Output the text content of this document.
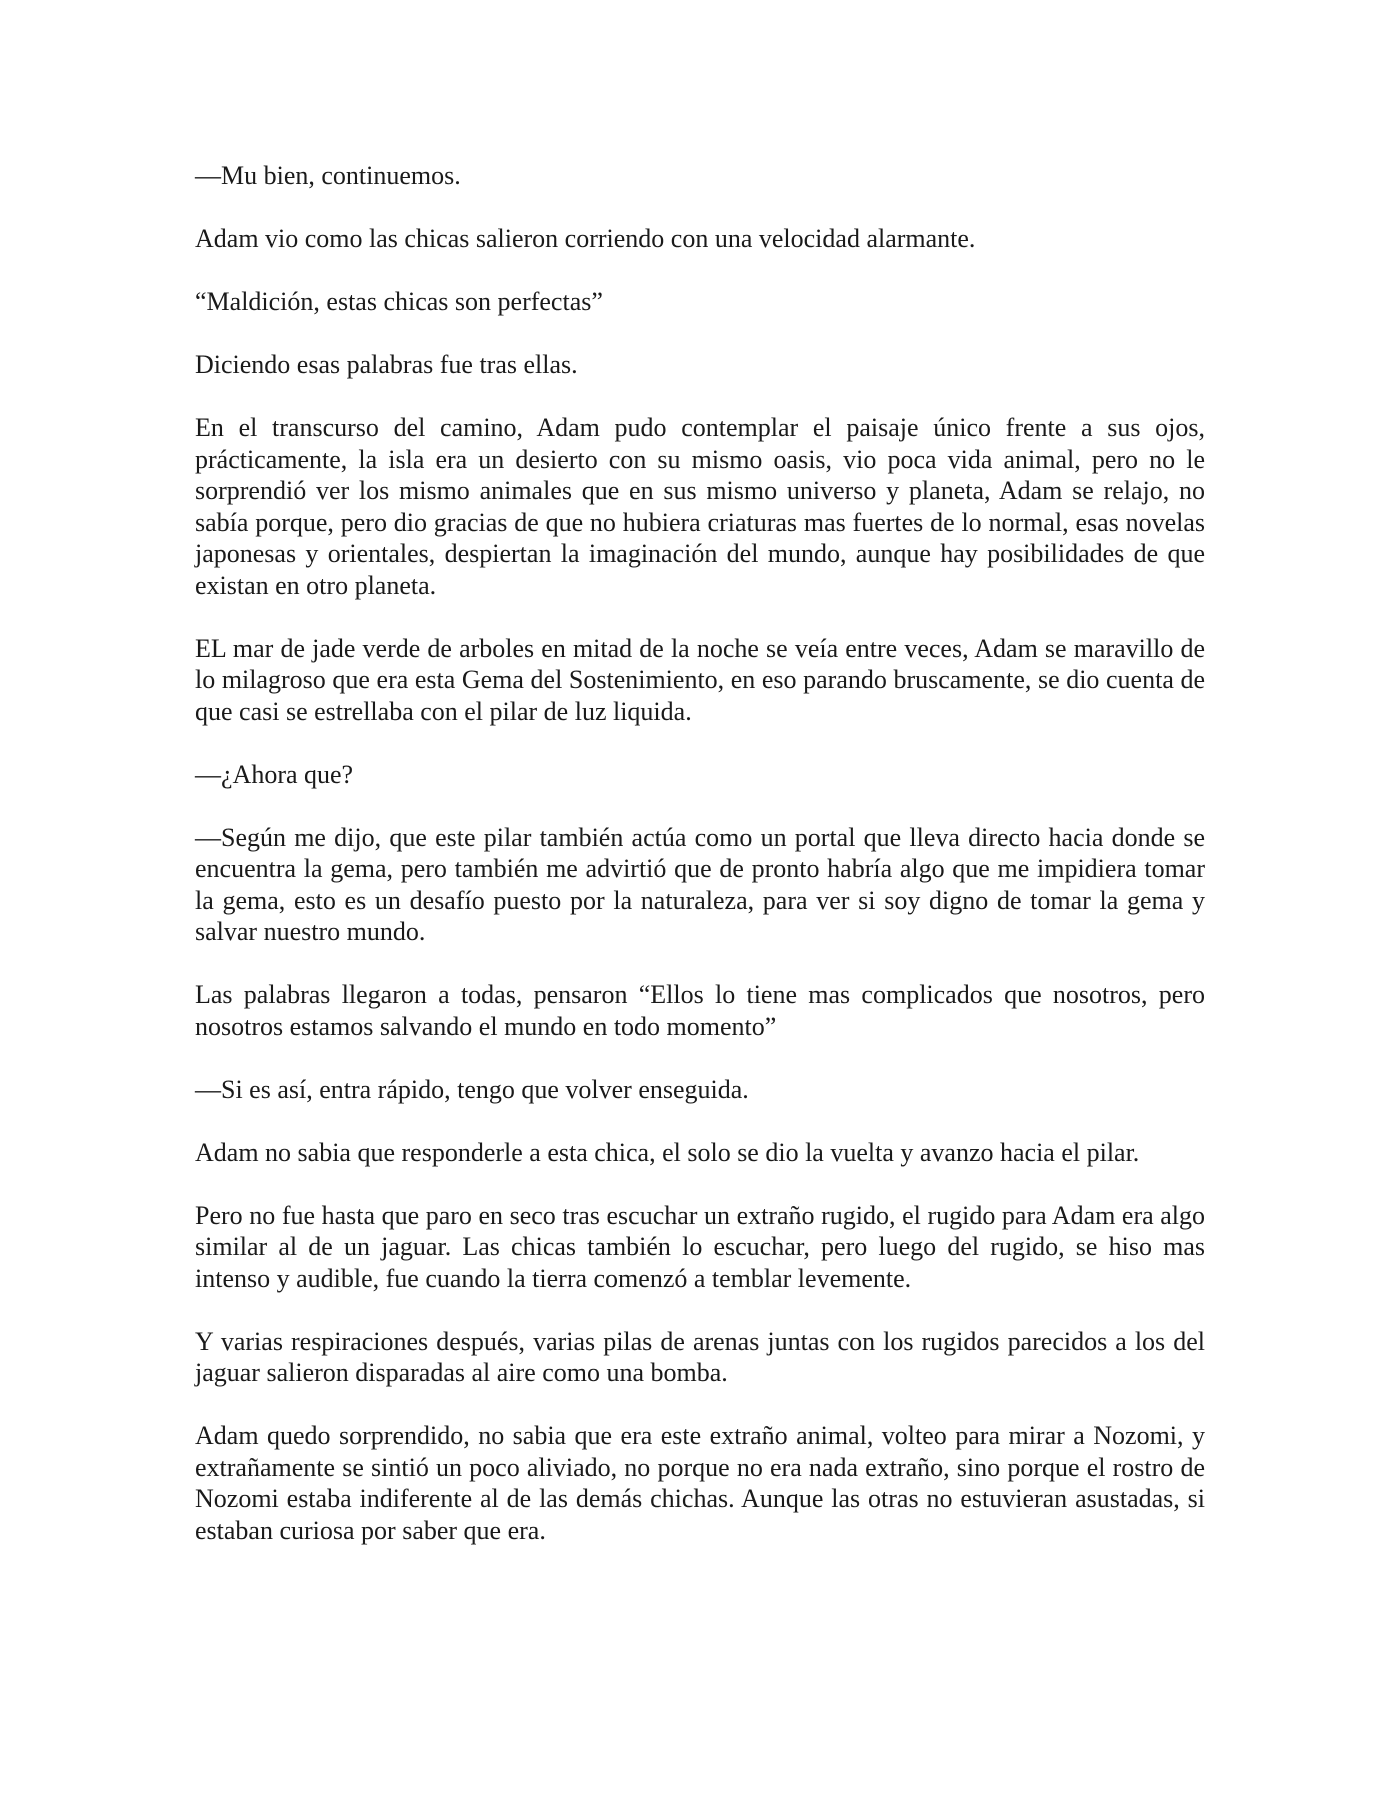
—Mu bien, continuemos.

Adam vio como las chicas salieron corriendo con una velocidad alarmante.

“Maldición, estas chicas son perfectas”

Diciendo esas palabras fue tras ellas.

En el transcurso del camino, Adam pudo contemplar el paisaje único frente a sus ojos, prácticamente, la isla era un desierto con su mismo oasis, vio poca vida animal, pero no le sorprendió ver los mismo animales que en sus mismo universo y planeta, Adam se relajo, no sabía porque, pero dio gracias de que no hubiera criaturas mas fuertes de lo normal, esas novelas japonesas y orientales, despiertan la imaginación del mundo, aunque hay posibilidades de que existan en otro planeta.

EL mar de jade verde de arboles en mitad de la noche se veía entre veces, Adam se maravillo de lo milagroso que era esta Gema del Sostenimiento, en eso parando bruscamente, se dio cuenta de que casi se estrellaba con el pilar de luz liquida.

—¿Ahora que?

—Según me dijo, que este pilar también actúa como un portal que lleva directo hacia donde se encuentra la gema, pero también me advirtió que de pronto habría algo que me impidiera tomar la gema, esto es un desafío puesto por la naturaleza, para ver si soy digno de tomar la gema y salvar nuestro mundo.

Las palabras llegaron a todas, pensaron “Ellos lo tiene mas complicados que nosotros, pero nosotros estamos salvando el mundo en todo momento”

—Si es así, entra rápido, tengo que volver enseguida.

Adam no sabia que responderle a esta chica, el solo se dio la vuelta y avanzo hacia el pilar.

Pero no fue hasta que paro en seco tras escuchar un extraño rugido, el rugido para Adam era algo similar al de un jaguar. Las chicas también lo escuchar, pero luego del rugido, se hiso mas intenso y audible, fue cuando la tierra comenzó a temblar levemente.

Y varias respiraciones después, varias pilas de arenas juntas con los rugidos parecidos a los del jaguar salieron disparadas al aire como una bomba.

Adam quedo sorprendido, no sabia que era este extraño animal, volteo para mirar a Nozomi, y extrañamente se sintió un poco aliviado, no porque no era nada extraño, sino porque el rostro de Nozomi estaba indiferente al de las demás chichas. Aunque las otras no estuvieran asustadas, si estaban curiosa por saber que era.
